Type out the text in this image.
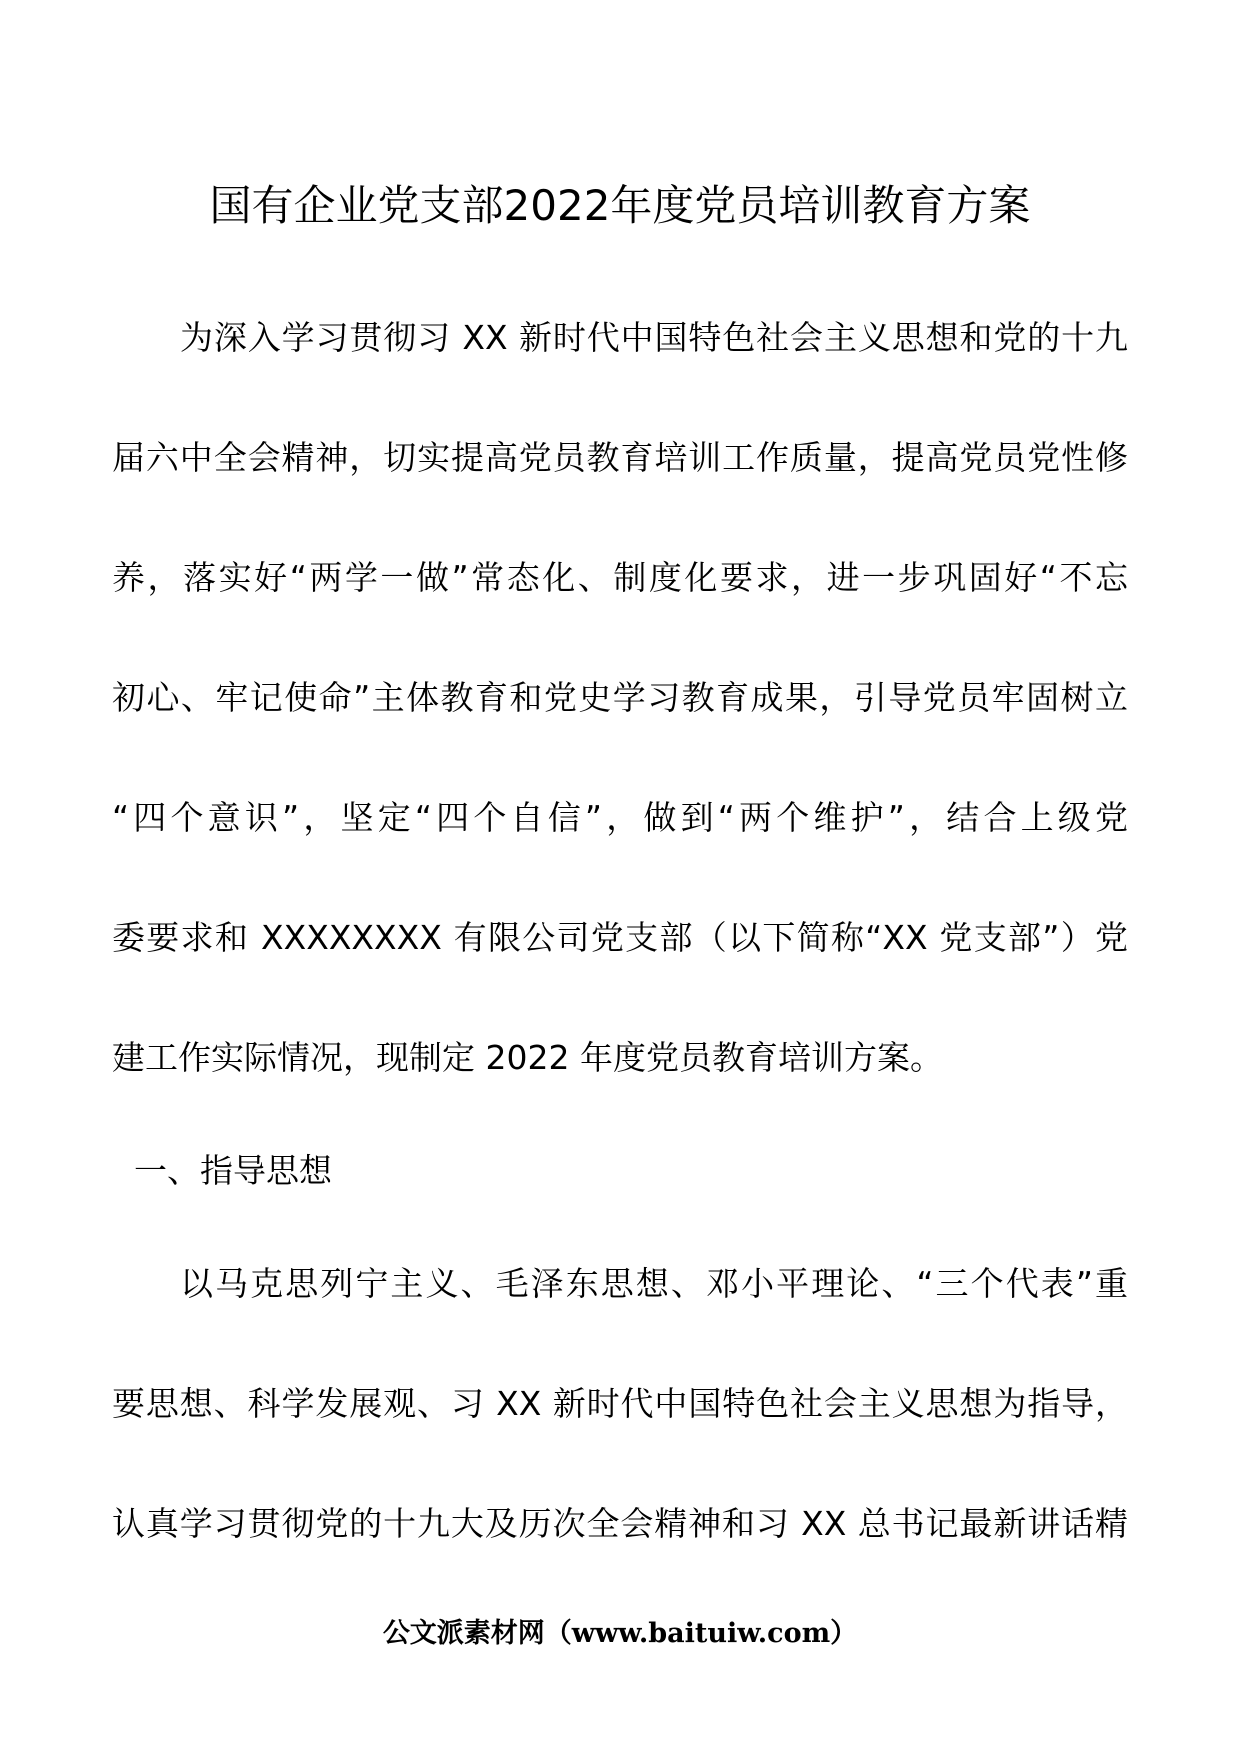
国有企业党支部2022年度党员培训教育方案
为深入学习贯彻习 XX 新时代中国特色社会主义思想和党的十九
届六中全会精神，切实提高党员教育培训工作质量，提高党员党性修
养，落实好“两学一做”常态化、制度化要求，进一步巩固好“不忘
初心、牢记使命”主体教育和党史学习教育成果，引导党员牢固树立
“四个意识”，坚定“四个自信”，做到“两个维护”，结合上级党
委要求和 XXXXXXXX 有限公司党支部（以下简称“XX 党支部”）党
建工作实际情况，现制定 2022 年度党员教育培训方案。
一、指导思想
以马克思列宁主义、毛泽东思想、邓小平理论、“三个代表”重
要思想、科学发展观、习 XX 新时代中国特色社会主义思想为指导，
认真学习贯彻党的十九大及历次全会精神和习 XX 总书记最新讲话精
公文派素材网（www.baituiw.com）
